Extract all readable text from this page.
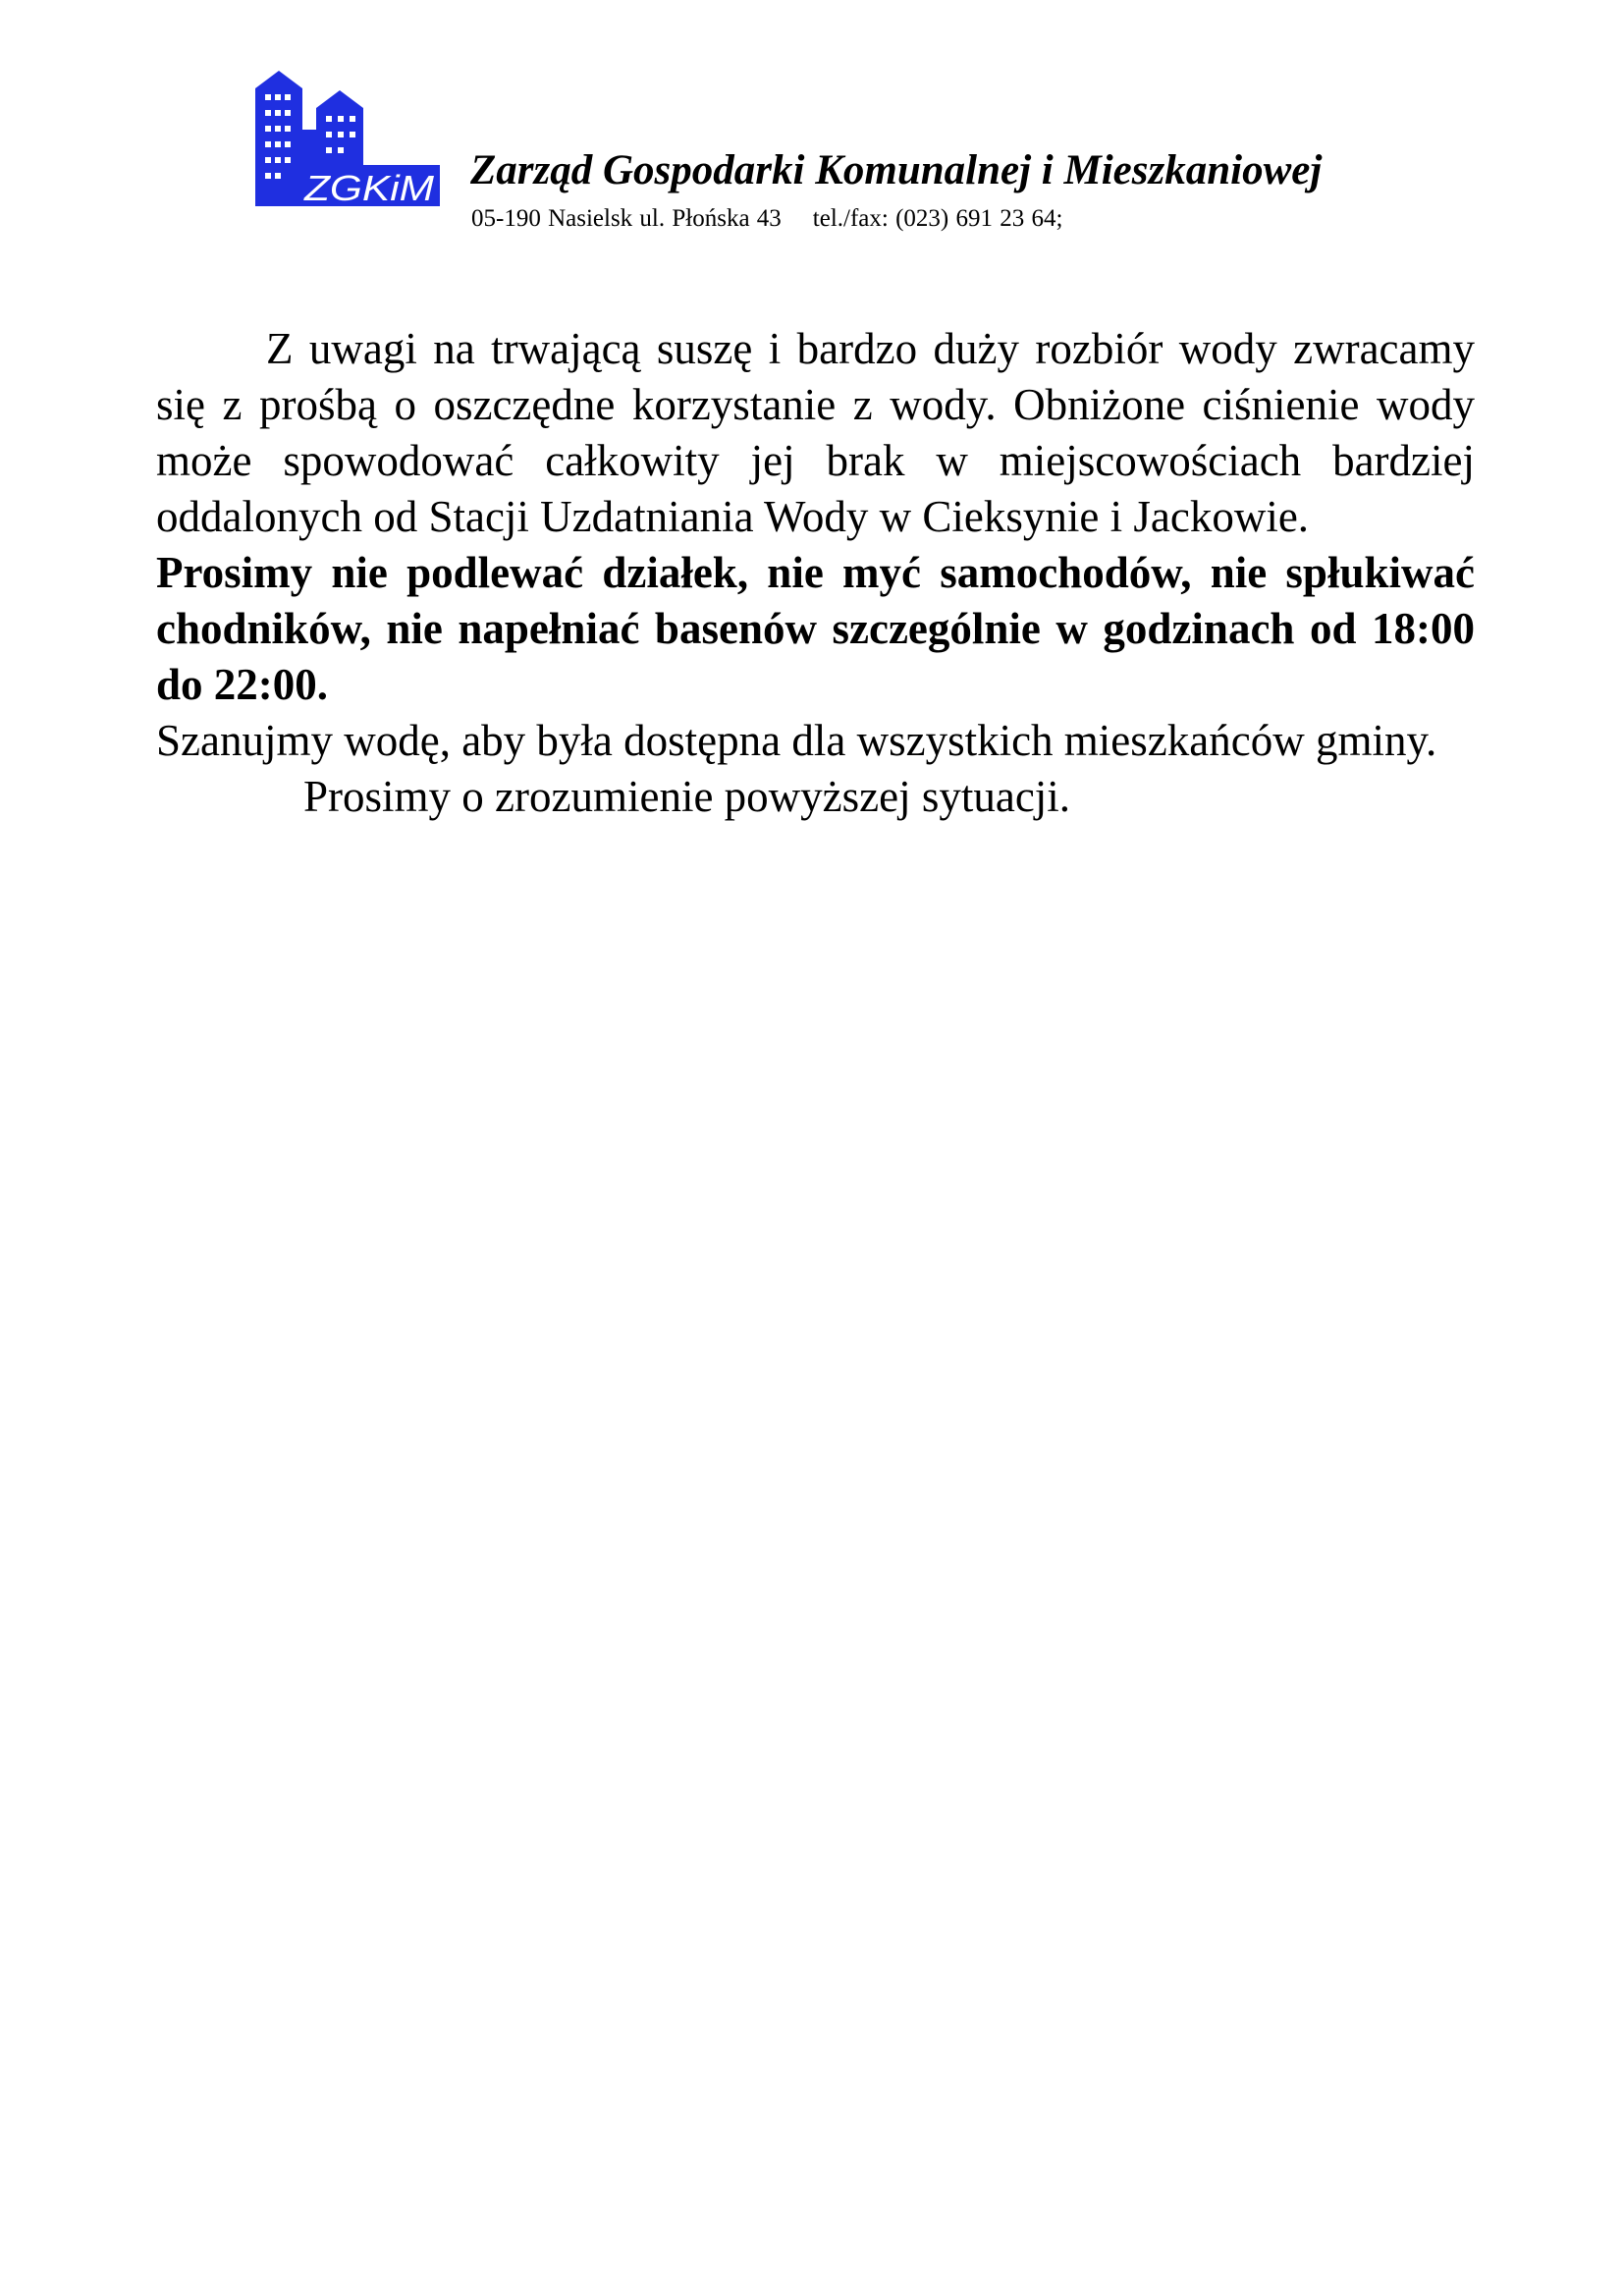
ZGKiM Zarząd Gospodarki Komunalnej i Mieszkaniowej
05-190 Nasielsk ul. Płońska 43 tel./fax: (023) 691 23 64;

Z uwagi na trwającą suszę i bardzo duży rozbiór wody zwracamy się z prośbą o oszczędne korzystanie z wody. Obniżone ciśnienie wody może spowodować całkowity jej brak w miejscowościach bardziej oddalonych od Stacji Uzdatniania Wody w Cieksynie i Jackowie.

Prosimy nie podlewać działek, nie myć samochodów, nie spłukiwać chodników, nie napełniać basenów szczególnie w godzinach od 18:00 do 22:00.

Szanujmy wodę, aby była dostępna dla wszystkich mieszkańców gminy.

Prosimy o zrozumienie powyższej sytuacji.
